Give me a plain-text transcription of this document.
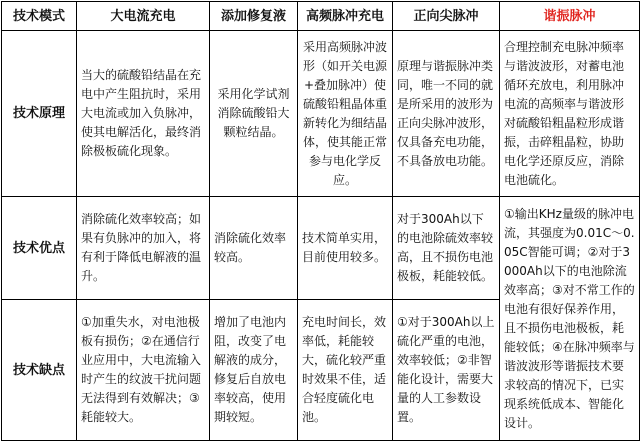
技术模式	大电流充电	添加修复液	高频脉冲充电	正向尖脉冲	谐振脉冲
技术原理	当大的硫酸铅结晶在充电中产生阻抗时，采用大电流或加入负脉冲，使其电解活化，最终消除极板硫化现象。	采用化学试剂消除硫酸铅大颗粒结晶。	采用高频脉冲波形（如开关电源+叠加脉冲）使硫酸铅粗晶体重新转化为细结晶体，使其能正常参与电化学反应。	原理与谐振脉冲类同，唯一不同的就是所采用的波形为正向尖脉冲波形，仅具备充电功能，不具备放电功能。	合理控制充电脉冲频率与谐波波形，对蓄电池循环充放电，利用脉冲电流的高频率与谐波形对硫酸铅粗晶粒形成谐振，击碎粗晶粒，协助电化学还原反应，消除电池硫化。
技术优点	消除硫化效率较高；如果有负脉冲的加入，将有利于降低电解液的温升。	消除硫化效率较高。	技术简单实用，目前使用较多。	对于300Ah以下的电池除硫效率较高，且不损伤电池极板，耗能较低。	①输出KHz量级的脉冲电流，其强度为0.01C～0.05C智能可调；②对于3000Ah以下的电池除流效率高；③对不常工作的电池有很好保养作用，且不损伤电池极板，耗能较低；④在脉冲频率与谐波波形等谐振技术要求较高的情况下，已实现系统低成本、智能化设计。
技术缺点	①加重失水，对电池极板有损伤；②在通信行业应用中，大电流输入时产生的纹波干扰问题无法得到有效解决；③耗能较大。	增加了电池内阻，改变了电解液的成分，修复后自放电率较高，使用期较短。	充电时间长，效率低，耗能较大，硫化较严重时效果不佳，适合轻度硫化电池。	①对于300Ah以上硫化严重的电池，效率较低；②非智能化设计，需要大量的人工参数设置。	
